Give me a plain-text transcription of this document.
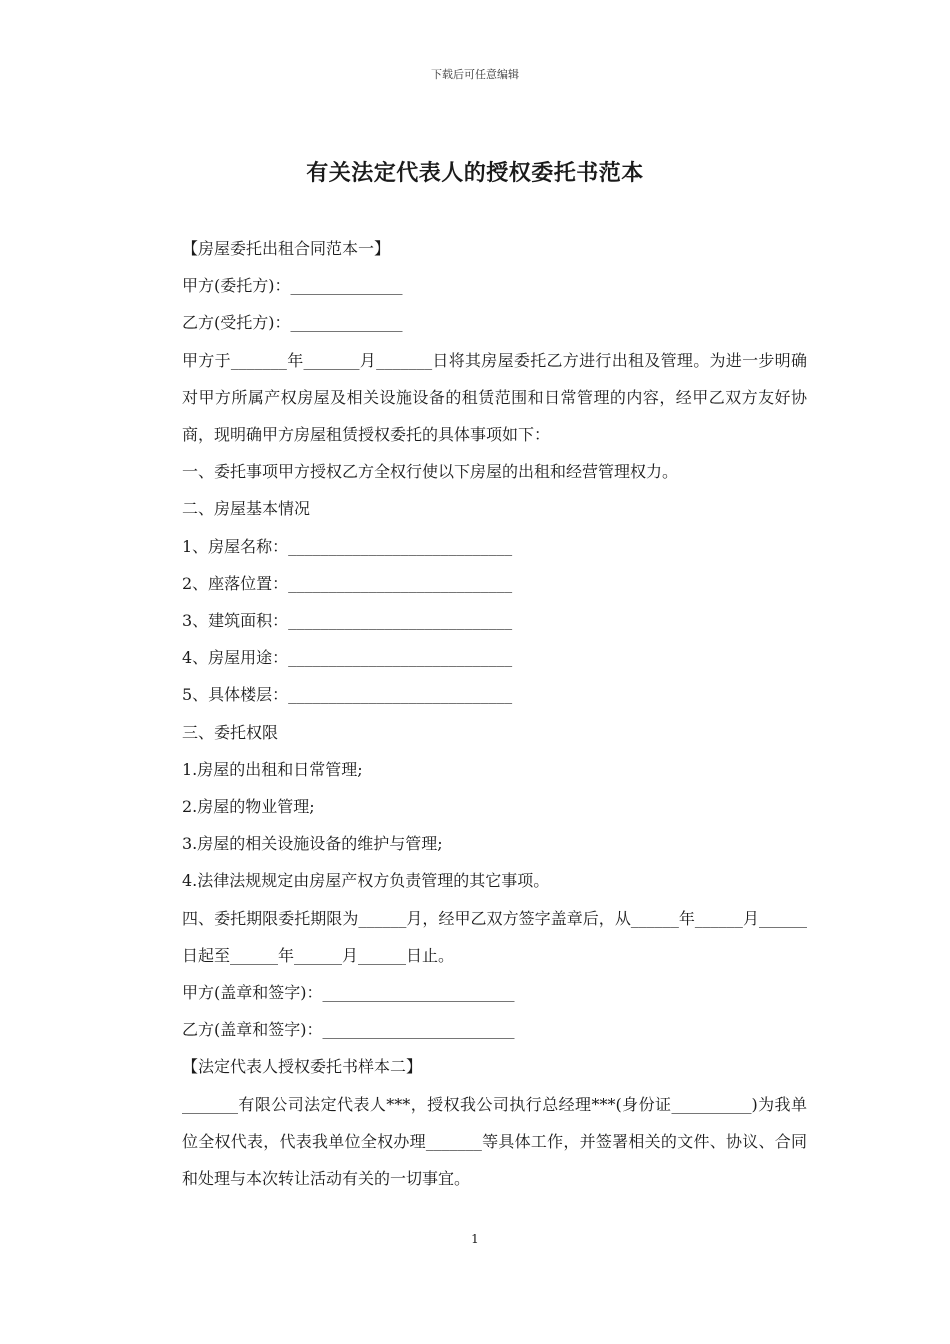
下载后可任意编辑
有关法定代表人的授权委托书范本

【房屋委托出租合同范本一】

甲方(委托方)：______________

乙方(受托方)：______________

甲方于_______年_______月_______日将其房屋委托乙方进行出租及管理。为进一步明确对甲方所属产权房屋及相关设施设备的租赁范围和日常管理的内容，经甲乙双方友好协商，现明确甲方房屋租赁授权委托的具体事项如下：

一、委托事项甲方授权乙方全权行使以下房屋的出租和经营管理权力。

二、房屋基本情况

1、房屋名称：____________________________

2、座落位置：____________________________

3、建筑面积：____________________________

4、房屋用途：____________________________

5、具体楼层：____________________________

三、委托权限

1.房屋的出租和日常管理;

2.房屋的物业管理;

3.房屋的相关设施设备的维护与管理;

4.法律法规规定由房屋产权方负责管理的其它事项。

四、委托期限委托期限为______月，经甲乙双方签字盖章后，从______年______月______日起至______年______月______日止。

甲方(盖章和签字)：________________________

乙方(盖章和签字)：________________________

【法定代表人授权委托书样本二】

_______有限公司法定代表人***，授权我公司执行总经理***(身份证__________)为我单位全权代表，代表我单位全权办理_______等具体工作，并签署相关的文件、协议、合同和处理与本次转让活动有关的一切事宜。

1
